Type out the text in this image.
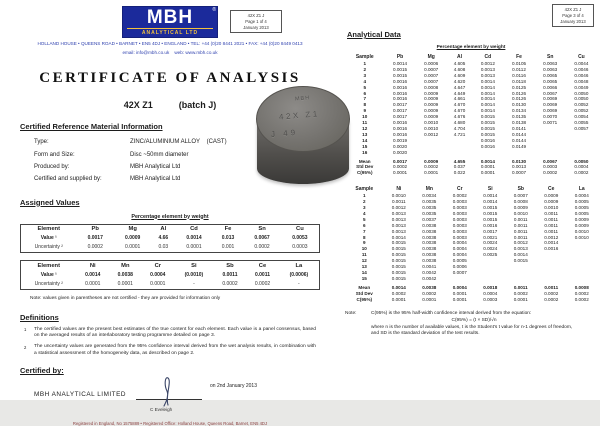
42X Z1 J
Page 1 of 4
January 2013
MBH	®
ANALYTICAL LTD
HOLLAND HOUSE • QUEENS ROAD • BARNET • EN5 4DJ • ENGLAND • TEL: +44 (0)20 8441 2021 • FAX: +44 (0)20 8449 0413
email: info@mbh.co.uk    web: www.mbh.co.uk
CERTIFICATE OF ANALYSIS
42X Z1	(batch J)
Certified Reference Material Information
Type:	ZINC/ALUMINIUM ALLOY    (CAST)
Form and Size:	Disc ~50mm diameter
Produced by:	MBH Analytical Ltd
Certified and supplied by:	MBH Analytical Ltd
Assigned Values
Percentage element by weight
Element	Pb	Mg	Al	Cd	Fe	Sn	Cu
Value ¹	0.0017	0.0009	4.66	0.0014	0.013	0.0067	0.0053
Uncertainty ²	0.0002	0.0001	0.03	0.0001	0.001	0.0002	0.0003
Element	Ni	Mn	Cr	Si	Sb	Ce	La
Value ¹	0.0014	0.0038	0.0004	(0.0010)	0.0011	0.0011	(0.0006)
Uncertainty ²	0.0001	0.0001	0.0001	-	0.0002	0.0002	-
Note: values given in parentheses are not certified - they are provided for information only
Definitions
1	The certified values are the present best estimates of the true content for each element. Each value is a panel consensus, based on the averaged results of an interlaboratory testing programme detailed on page 3.
2	The uncertainty values are generated from the 95% confidence interval derived from the wet analysis results, in combination with a statistical assessment of the homogeneity data, as described on page 2.
Certified by:
MBH ANALYTICAL LIMITED
on 2nd January 2013
C Eveleigh
Registered in England, No 1575889 • Registered Office: Holland House, Queens Road, Barnet, EN5 4DJ
MBH
42X Z1
J 49
42X Z1 J
Page 3 of 4
January 2013
Analytical Data
Percentage element by weight
Sample	Pb	Mg	Al	Cd	Fe	Sn	Cu
1	0.0014	0.0006	4.605	0.0012	0.0105	0.0063	0.0044
2	0.0015	0.0007	4.608	0.0013	0.0112	0.0063	0.0046
3	0.0015	0.0007	4.609	0.0013	0.0116	0.0065	0.0046
4	0.0016	0.0007	4.620	0.0014	0.0118	0.0065	0.0048
5	0.0016	0.0008	4.647	0.0014	0.0125	0.0066	0.0049
6	0.0016	0.0009	4.649	0.0014	0.0126	0.0067	0.0050
7	0.0016	0.0009	4.661	0.0014	0.0126	0.0069	0.0050
8	0.0017	0.0009	4.670	0.0014	0.0130	0.0069	0.0052
9	0.0017	0.0009	4.670	0.0014	0.0134	0.0069	0.0052
10	0.0017	0.0009	4.676	0.0015	0.0135	0.0070	0.0054
11	0.0016	0.0010	4.680	0.0015	0.0138	0.0071	0.0055
12	0.0016	0.0010	4.704	0.0015	0.0141		0.0057
13	0.0016	0.0012	4.721	0.0015	0.0144		
14	0.0019			0.0016	0.0144		
15	0.0020			0.0016	0.0149		
16	0.0020						
Mean	0.0017	0.0009	4.655	0.0014	0.0130	0.0067	0.0050
Std Dev	0.0002	0.0002	0.037	0.0001	0.0013	0.0003	0.0004
C(95%)	0.0001	0.0001	0.022	0.0001	0.0007	0.0002	0.0002
Sample	Ni	Mn	Cr	Si	Sb	Ce	La
1	0.0010	0.0034	0.0002	0.0014	0.0007	0.0009	0.0004
2	0.0011	0.0035	0.0003	0.0014	0.0008	0.0009	0.0005
3	0.0012	0.0035	0.0003	0.0015	0.0009	0.0010	0.0005
4	0.0013	0.0035	0.0003	0.0015	0.0010	0.0011	0.0005
5	0.0013	0.0037	0.0003	0.0015	0.0011	0.0011	0.0009
6	0.0013	0.0038	0.0003	0.0016	0.0011	0.0011	0.0009
7	0.0013	0.0038	0.0003	0.0017	0.0011	0.0011	0.0010
8	0.0014	0.0038	0.0003	0.0021	0.0011	0.0012	0.0010
9	0.0015	0.0038	0.0004	0.0024	0.0012	0.0014	
10	0.0015	0.0038	0.0004	0.0024	0.0013	0.0016	
11	0.0015	0.0038	0.0004	0.0025	0.0014		
12	0.0015	0.0038	0.0005		0.0015		
13	0.0015	0.0041	0.0006				
14	0.0015	0.0042	0.0007				
15	0.0015	0.0042					
Mean	0.0014	0.0038	0.0004	0.0018	0.0011	0.0011	0.0008
Std Dev	0.0002	0.0002	0.0001	0.0004	0.0002	0.0002	0.0002
C(95%)	0.0001	0.0001	0.0001	0.0003	0.0001	0.0002	0.0002
Note:	C(95%) is the 95% half-width confidence interval derived from the equation:
C(95%) = (t × SD)/√n
where n is the number of available values, t is the Student's t value for n-1 degrees of freedom, and SD is the standard deviation of the test results.
